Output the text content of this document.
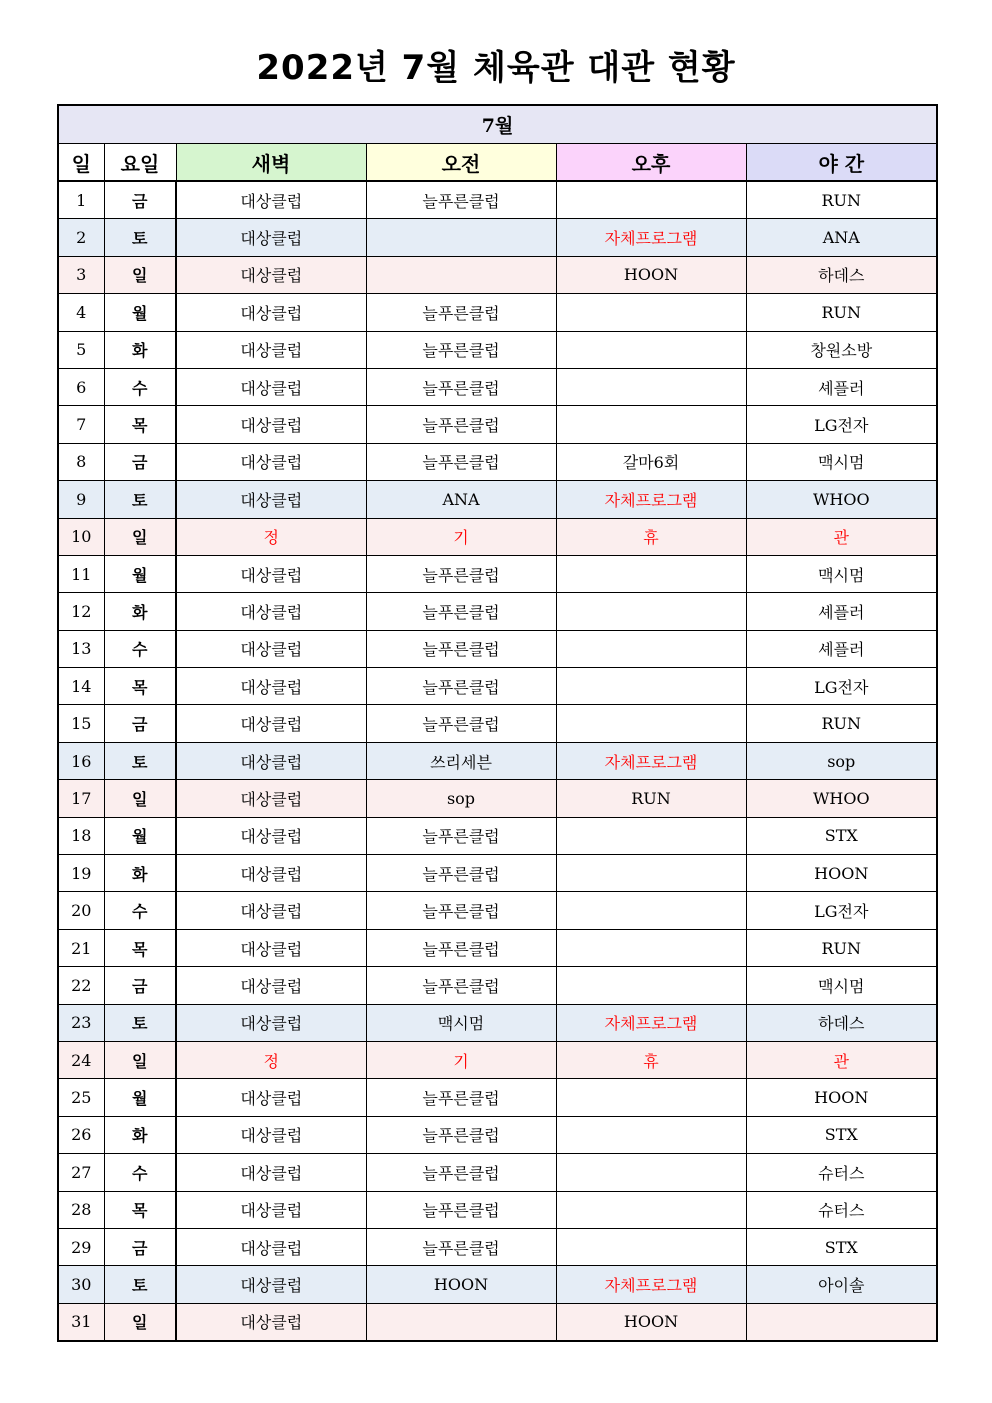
2022년 7월 체육관 대관 현황
7월					
일	요일	새벽	오전	오후	야 간
1	금	대상클럽	늘푸른클럽		RUN
2	토	대상클럽		자체프로그램	ANA
3	일	대상클럽		HOON	하데스
4	월	대상클럽	늘푸른클럽		RUN
5	화	대상클럽	늘푸른클럽		창원소방
6	수	대상클럽	늘푸른클럽		셰플러
7	목	대상클럽	늘푸른클럽		LG전자
8	금	대상클럽	늘푸른클럽	갈마6회	맥시멈
9	토	대상클럽	ANA	자체프로그램	WHOO
10	일	정	기	휴	관
11	월	대상클럽	늘푸른클럽		맥시멈
12	화	대상클럽	늘푸른클럽		셰플러
13	수	대상클럽	늘푸른클럽		셰플러
14	목	대상클럽	늘푸른클럽		LG전자
15	금	대상클럽	늘푸른클럽		RUN
16	토	대상클럽	쓰리세븐	자체프로그램	sop
17	일	대상클럽	sop	RUN	WHOO
18	월	대상클럽	늘푸른클럽		STX
19	화	대상클럽	늘푸른클럽		HOON
20	수	대상클럽	늘푸른클럽		LG전자
21	목	대상클럽	늘푸른클럽		RUN
22	금	대상클럽	늘푸른클럽		맥시멈
23	토	대상클럽	맥시멈	자체프로그램	하데스
24	일	정	기	휴	관
25	월	대상클럽	늘푸른클럽		HOON
26	화	대상클럽	늘푸른클럽		STX
27	수	대상클럽	늘푸른클럽		슈터스
28	목	대상클럽	늘푸른클럽		슈터스
29	금	대상클럽	늘푸른클럽		STX
30	토	대상클럽	HOON	자체프로그램	아이솔
31	일	대상클럽		HOON	
